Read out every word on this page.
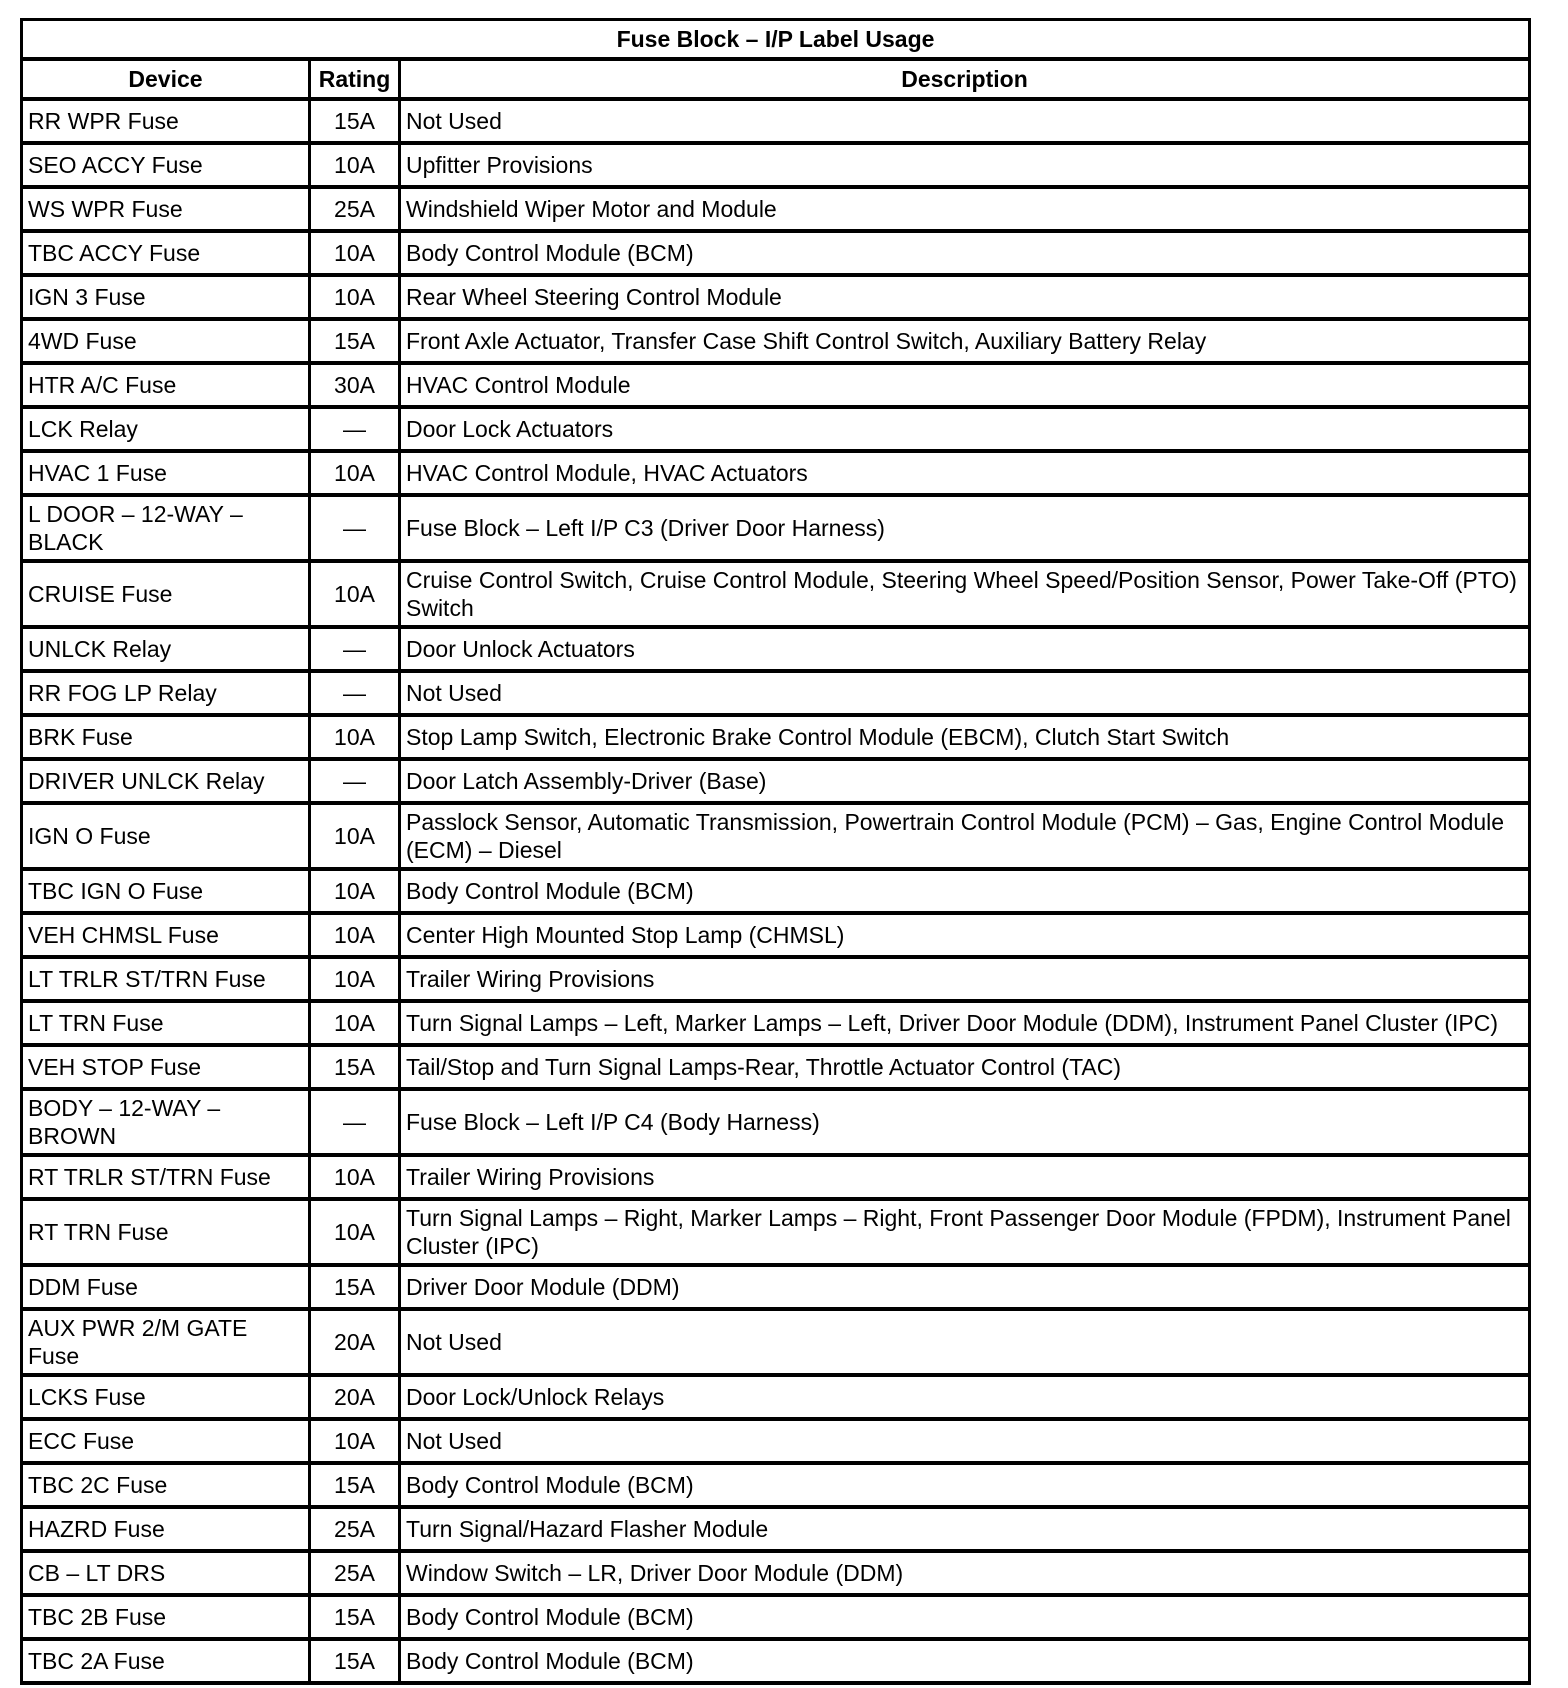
Fuse Block – I/P Label Usage		
Device	Rating	Description
RR WPR Fuse	15A	Not Used
SEO ACCY Fuse	10A	Upfitter Provisions
WS WPR Fuse	25A	Windshield Wiper Motor and Module
TBC ACCY Fuse	10A	Body Control Module (BCM)
IGN 3 Fuse	10A	Rear Wheel Steering Control Module
4WD Fuse	15A	Front Axle Actuator, Transfer Case Shift Control Switch, Auxiliary Battery Relay
HTR A/C Fuse	30A	HVAC Control Module
LCK Relay	—	Door Lock Actuators
HVAC 1 Fuse	10A	HVAC Control Module, HVAC Actuators
L DOOR – 12-WAY – BLACK	—	Fuse Block – Left I/P C3 (Driver Door Harness)
CRUISE Fuse	10A	Cruise Control Switch, Cruise Control Module, Steering Wheel Speed/Position Sensor, Power Take-Off (PTO) Switch
UNLCK Relay	—	Door Unlock Actuators
RR FOG LP Relay	—	Not Used
BRK Fuse	10A	Stop Lamp Switch, Electronic Brake Control Module (EBCM), Clutch Start Switch
DRIVER UNLCK Relay	—	Door Latch Assembly-Driver (Base)
IGN O Fuse	10A	Passlock Sensor, Automatic Transmission, Powertrain Control Module (PCM) – Gas, Engine Control Module (ECM) – Diesel
TBC IGN O Fuse	10A	Body Control Module (BCM)
VEH CHMSL Fuse	10A	Center High Mounted Stop Lamp (CHMSL)
LT TRLR ST/TRN Fuse	10A	Trailer Wiring Provisions
LT TRN Fuse	10A	Turn Signal Lamps – Left, Marker Lamps – Left, Driver Door Module (DDM), Instrument Panel Cluster (IPC)
VEH STOP Fuse	15A	Tail/Stop and Turn Signal Lamps-Rear, Throttle Actuator Control (TAC)
BODY – 12-WAY – BROWN	—	Fuse Block – Left I/P C4 (Body Harness)
RT TRLR ST/TRN Fuse	10A	Trailer Wiring Provisions
RT TRN Fuse	10A	Turn Signal Lamps – Right, Marker Lamps – Right, Front Passenger Door Module (FPDM), Instrument Panel Cluster (IPC)
DDM Fuse	15A	Driver Door Module (DDM)
AUX PWR 2/M GATE Fuse	20A	Not Used
LCKS Fuse	20A	Door Lock/Unlock Relays
ECC Fuse	10A	Not Used
TBC 2C Fuse	15A	Body Control Module (BCM)
HAZRD Fuse	25A	Turn Signal/Hazard Flasher Module
CB – LT DRS	25A	Window Switch – LR, Driver Door Module (DDM)
TBC 2B Fuse	15A	Body Control Module (BCM)
TBC 2A Fuse	15A	Body Control Module (BCM)
